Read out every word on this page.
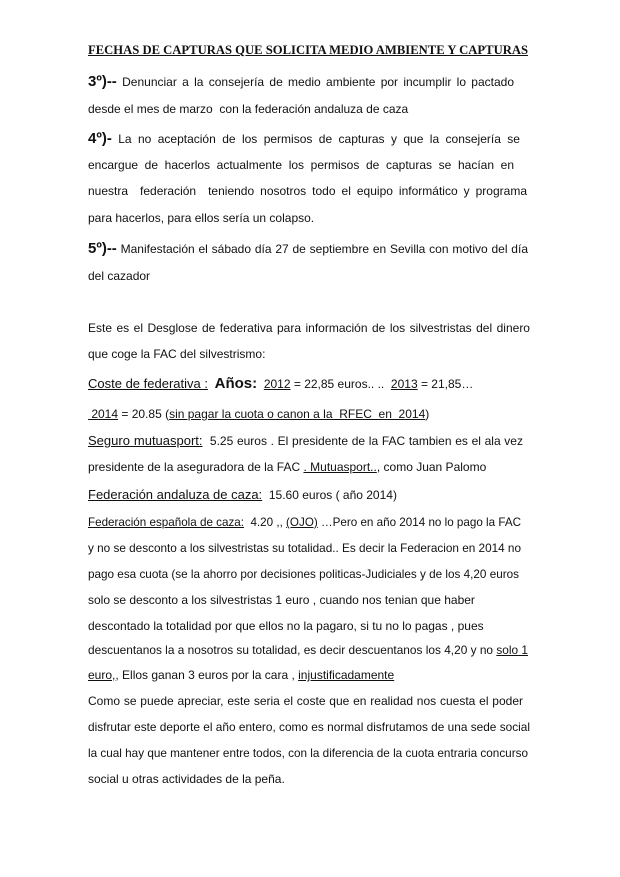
FECHAS DE CAPTURAS QUE SOLICITA MEDIO AMBIENTE Y CAPTURAS
3º)-- Denunciar a la consejería de medio ambiente por incumplir lo pactado
desde el mes de marzo  con la federación andaluza de caza
4º)- La no aceptación de los permisos de capturas y que la consejería se
encargue de hacerlos actualmente los permisos de capturas se hacían en
nuestra  federación  teniendo nosotros todo el equipo informático y programa
para hacerlos, para ellos sería un colapso.
5º)-- Manifestación el sábado día 27 de septiembre en Sevilla con motivo del día
del cazador
Este es el Desglose de federativa para información de los silvestristas del dinero
que coge la FAC del silvestrismo:
Coste de federativa : Años: 2012 = 22,85 euros.. ..  2013 = 21,85…
2014 = 20.85 (sin pagar la cuota o canon a la  RFEC  en  2014)
Seguro mutuasport:  5.25 euros . El presidente de la FAC tambien es el ala vez
presidente de la aseguradora de la FAC . Mutuasport.., como Juan Palomo
Federación andaluza de caza:  15.60 euros ( año 2014)
Federación española de caza:  4.20 ,, (OJO) …Pero en año 2014 no lo pago la FAC
y no se desconto a los silvestristas su totalidad.. Es decir la Federacion en 2014 no
pago esa cuota (se la ahorro por decisiones politicas-Judiciales y de los 4,20 euros
solo se desconto a los silvestristas 1 euro , cuando nos tenian que haber
descontado la totalidad por que ellos no la pagaro, si tu no lo pagas , pues
descuentanos la a nosotros su totalidad, es decir descuentanos los 4,20 y no solo 1
euro,, Ellos ganan 3 euros por la cara , injustificadamente
Como se puede apreciar, este seria el coste que en realidad nos cuesta el poder
disfrutar este deporte el año entero, como es normal disfrutamos de una sede social
la cual hay que mantener entre todos, con la diferencia de la cuota entraria concurso
social u otras actividades de la peña.
